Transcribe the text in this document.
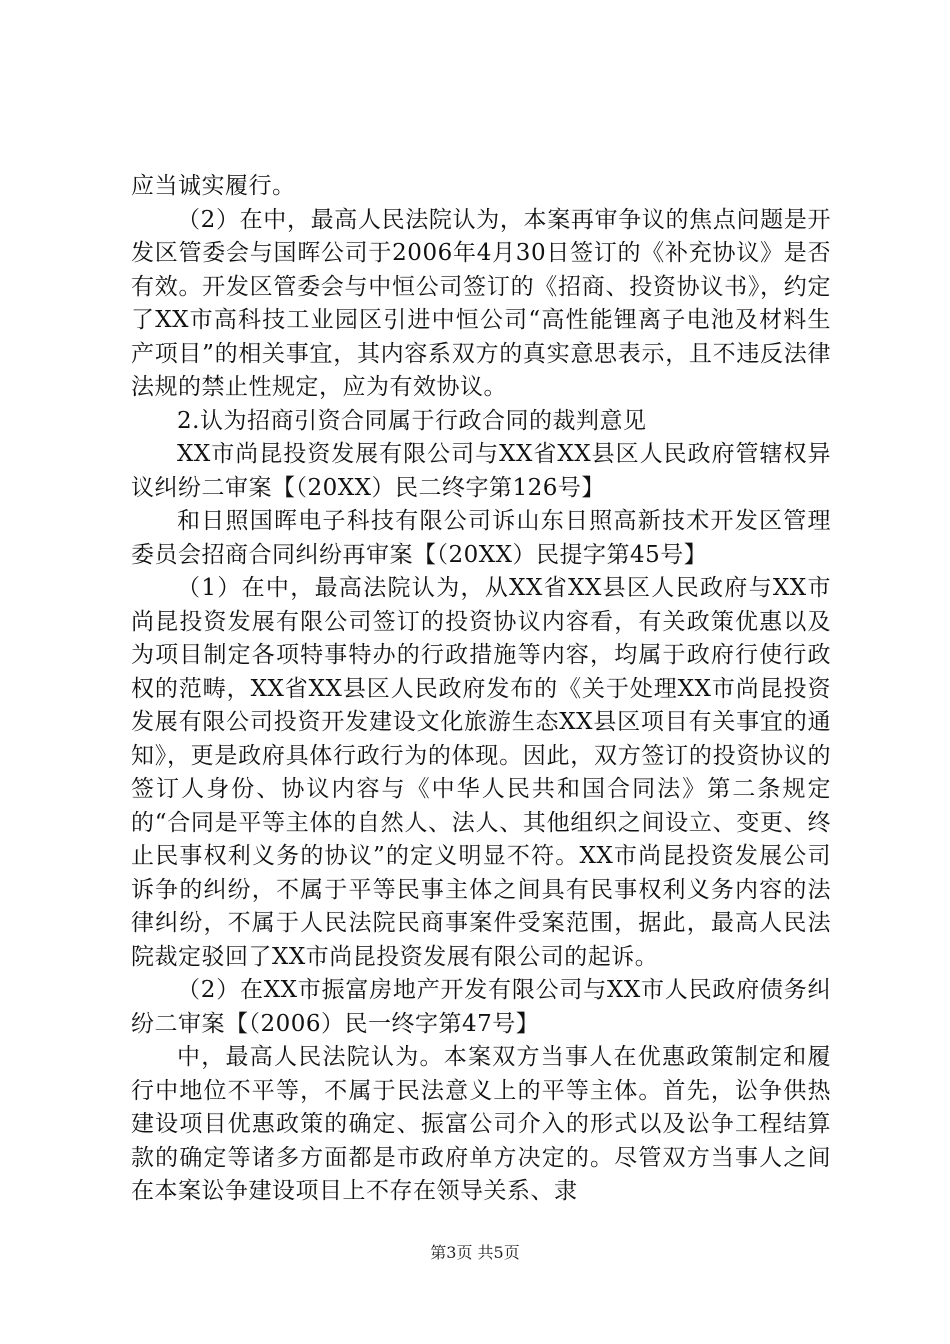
应当诚实履行。

（2）在中，最高人民法院认为，本案再审争议的焦点问题是开发区管委会与国晖公司于2006年4月30日签订的《补充协议》是否有效。开发区管委会与中恒公司签订的《招商、投资协议书》，约定了XX市高科技工业园区引进中恒公司“高性能锂离子电池及材料生产项目”的相关事宜，其内容系双方的真实意思表示，且不违反法律法规的禁止性规定，应为有效协议。

2.认为招商引资合同属于行政合同的裁判意见

XX市尚昆投资发展有限公司与XX省XX县区人民政府管辖权异议纠纷二审案【（20XX）民二终字第126号】

和日照国晖电子科技有限公司诉山东日照高新技术开发区管理委员会招商合同纠纷再审案【（20XX）民提字第45号】

（1）在中，最高法院认为，从XX省XX县区人民政府与XX市尚昆投资发展有限公司签订的投资协议内容看，有关政策优惠以及为项目制定各项特事特办的行政措施等内容，均属于政府行使行政权的范畴，XX省XX县区人民政府发布的《关于处理XX市尚昆投资发展有限公司投资开发建设文化旅游生态XX县区项目有关事宜的通知》，更是政府具体行政行为的体现。因此，双方签订的投资协议的签订人身份、协议内容与《中华人民共和国合同法》第二条规定的“合同是平等主体的自然人、法人、其他组织之间设立、变更、终止民事权利义务的协议”的定义明显不符。XX市尚昆投资发展公司诉争的纠纷，不属于平等民事主体之间具有民事权利义务内容的法律纠纷，不属于人民法院民商事案件受案范围，据此，最高人民法院裁定驳回了XX市尚昆投资发展有限公司的起诉。

（2）在XX市振富房地产开发有限公司与XX市人民政府债务纠纷二审案【（2006）民一终字第47号】

中，最高人民法院认为。本案双方当事人在优惠政策制定和履行中地位不平等，不属于民法意义上的平等主体。首先，讼争供热建设项目优惠政策的确定、振富公司介入的形式以及讼争工程结算款的确定等诸多方面都是市政府单方决定的。尽管双方当事人之间在本案讼争建设项目上不存在领导关系、隶

第3页 共5页
